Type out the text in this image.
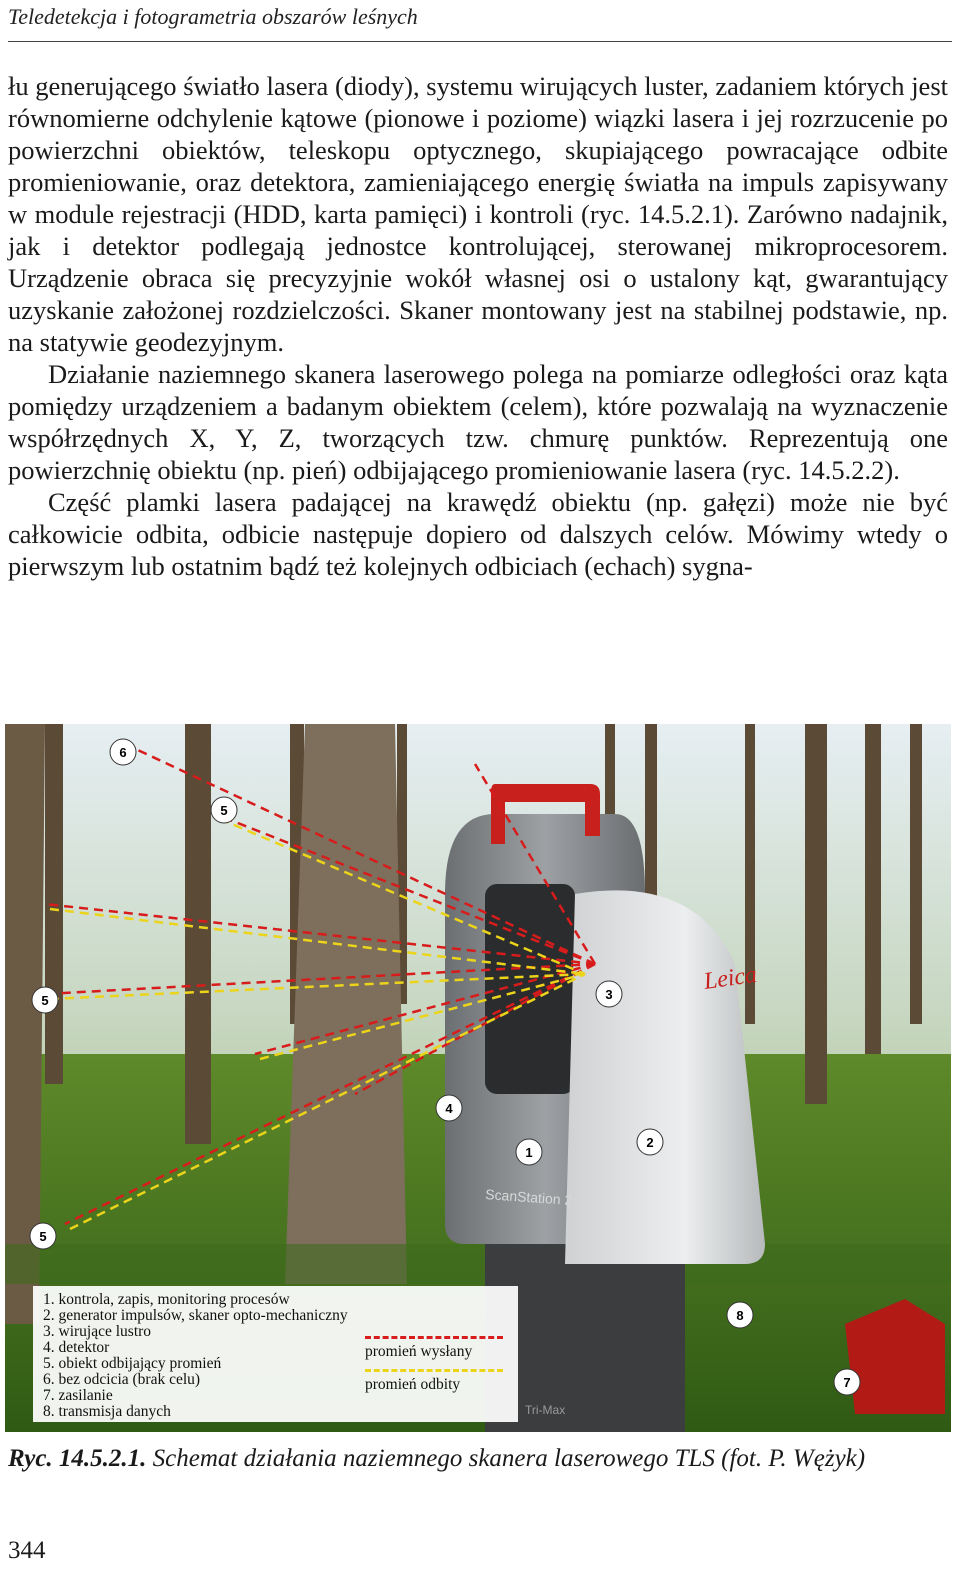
Teledetekcja i fotogrametria obszarów leśnych

łu generującego światło lasera (diody), systemu wirujących luster, zadaniem których jest równomierne odchylenie kątowe (pionowe i poziome) wiązki lasera i jej rozrzucenie po powierzchni obiektów, teleskopu optycznego, skupiającego powracające odbite promieniowanie, oraz detektora, zamieniającego energię światła na impuls zapisywany w module rejestracji (HDD, karta pamięci) i kontroli (ryc. 14.5.2.1). Zarówno nadajnik, jak i detektor podlegają jednostce kontrolującej, sterowanej mikroprocesorem. Urządzenie obraca się precyzyjnie wokół własnej osi o ustalony kąt, gwarantujący uzyskanie założonej rozdzielczości. Skaner montowany jest na stabilnej podstawie, np. na statywie geodezyjnym.

Działanie naziemnego skanera laserowego polega na pomiarze odległości oraz kąta pomiędzy urządzeniem a badanym obiektem (celem), które pozwalają na wyznaczenie współrzędnych X, Y, Z, tworzących tzw. chmurę punktów. Reprezentują one powierzchnię obiektu (np. pień) odbijającego promieniowanie lasera (ryc. 14.5.2.2).

Część plamki lasera padającej na krawędź obiektu (np. gałęzi) może nie być całkowicie odbita, odbicie następuje dopiero od dalszych celów. Mówimy wtedy o pierwszym lub ostatnim bądź też kolejnych odbiciach (echach) sygna-

Tri-Max
Leica
ScanStation 2
6
5
5
5
3
4
1
2
8
7
1. kontrola, zapis, monitoring procesów
2. generator impulsów, skaner opto-mechaniczny
3. wirujące lustro
4. detektor
5. obiekt odbijający promień
6. bez odcicia (brak celu)
7. zasilanie
8. transmisja danych
promień wysłany
promień odbity
Ryc. 14.5.2.1. Schemat działania naziemnego skanera laserowego TLS (fot. P. Wężyk)
344
